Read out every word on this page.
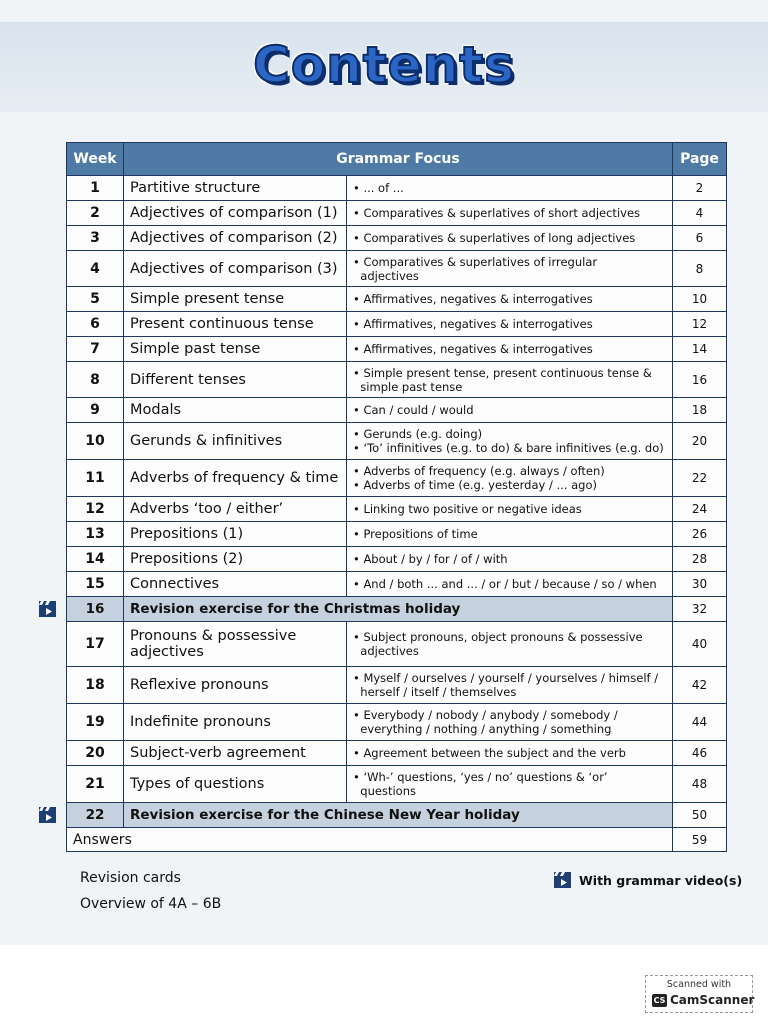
Contents
Week	Grammar Focus		Page
1	Partitive structure	• ... of ...	2
2	Adjectives of comparison (1)	• Comparatives & superlatives of short adjectives	4
3	Adjectives of comparison (2)	• Comparatives & superlatives of long adjectives	6
4	Adjectives of comparison (3)	• Comparatives & superlatives of irregular
adjectives	8
5	Simple present tense	• Affirmatives, negatives & interrogatives	10
6	Present continuous tense	• Affirmatives, negatives & interrogatives	12
7	Simple past tense	• Affirmatives, negatives & interrogatives	14
8	Different tenses	• Simple present tense, present continuous tense &
simple past tense	16
9	Modals	• Can / could / would	18
10	Gerunds & infinitives	• Gerunds (e.g. doing)
• ‘To’ infinitives (e.g. to do) & bare infinitives (e.g. do)	20
11	Adverbs of frequency & time	• Adverbs of frequency (e.g. always / often)
• Adverbs of time (e.g. yesterday / ... ago)	22
12	Adverbs ‘too / either’	• Linking two positive or negative ideas	24
13	Prepositions (1)	• Prepositions of time	26
14	Prepositions (2)	• About / by / for / of / with	28
15	Connectives	• And / both ... and ... / or / but / because / so / when	30
16	Revision exercise for the Christmas holiday		32
17	Pronouns & possessive adjectives	• Subject pronouns, object pronouns & possessive
adjectives	40
18	Reflexive pronouns	• Myself / ourselves / yourself / yourselves / himself /
herself / itself / themselves	42
19	Indefinite pronouns	• Everybody / nobody / anybody / somebody /
everything / nothing / anything / something	44
20	Subject-verb agreement	• Agreement between the subject and the verb	46
21	Types of questions	• ‘Wh-’ questions, ‘yes / no’ questions & ‘or’
questions	48
22	Revision exercise for the Chinese New Year holiday		50
Answers			59
Revision cards
Overview of 4A – 6B
With grammar video(s)
Scanned with
CS CamScanner
